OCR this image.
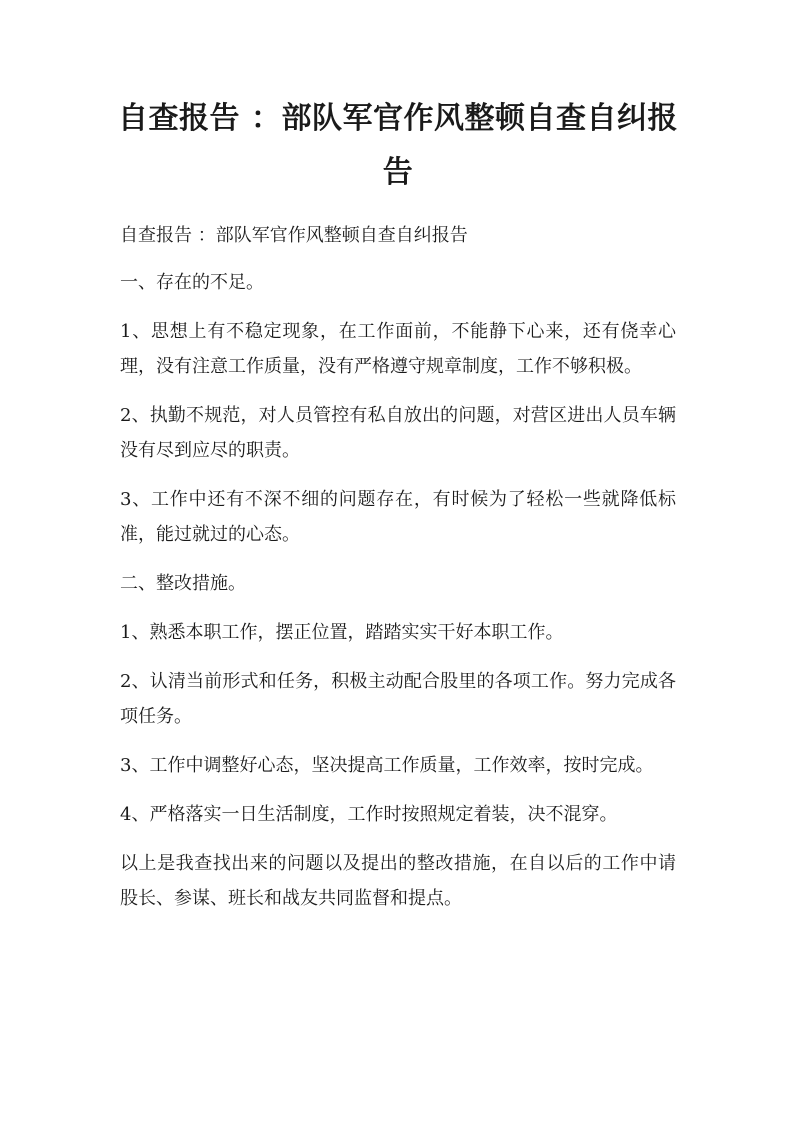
自查报告 ：部队军官作风整顿自查自纠报告

自查报告 ：部队军官作风整顿自查自纠报告

一、存在的不足。

1、思想上有不稳定现象，在工作面前，不能静下心来，还有侥幸心理，没有注意工作质量，没有严格遵守规章制度，工作不够积极。

2、执勤不规范，对人员管控有私自放出的问题，对营区进出人员车辆没有尽到应尽的职责。

3、工作中还有不深不细的问题存在，有时候为了轻松一些就降低标准，能过就过的心态。

二、整改措施。

1、熟悉本职工作，摆正位置，踏踏实实干好本职工作。

2、认清当前形式和任务，积极主动配合股里的各项工作。努力完成各项任务。

3、工作中调整好心态，坚决提高工作质量，工作效率，按时完成。

4、严格落实一日生活制度，工作时按照规定着装，决不混穿。

以上是我查找出来的问题以及提出的整改措施，在自以后的工作中请股长、参谋、班长和战友共同监督和提点。
